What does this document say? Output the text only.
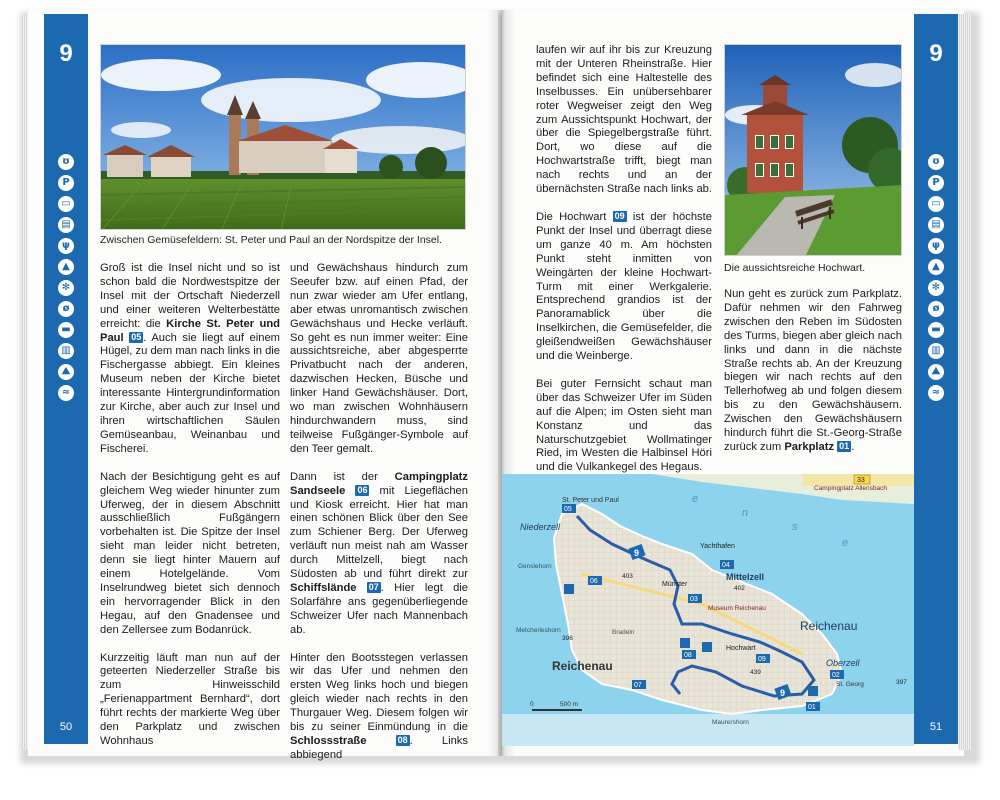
9
ʊ
P
▭
▤
ψ
▲
✻
ø
▬
▥
⛰
≈
50
9
ʊ
P
▭
▤
ψ
▲
✻
ø
▬
▥
⛰
≈
51
Zwischen Gemüsefeldern: St. Peter und Paul an der Nordspitze der Insel.

Groß ist die Insel nicht und so ist schon bald die Nordwestspitze der Insel mit der Ortschaft Niederzell und einer weiteren Welterbestätte erreicht: die Kirche St. Peter und Paul 05 . Auch sie liegt auf einem Hügel, zu dem man nach links in die Fischergasse abbiegt. Ein kleines Museum neben der Kirche bietet interessante Hintergrundinformation zur Kirche, aber auch zur Insel und ihren wirtschaftlichen Säulen Gemüseanbau, Weinanbau und Fischerei.

Nach der Besichtigung geht es auf gleichem Weg wieder hinunter zum Uferweg, der in diesem Abschnitt ausschließlich Fußgängern vorbehalten ist. Die Spitze der Insel sieht man leider nicht betreten, denn sie liegt hinter Mauern auf einem Hotelgelände. Vom Inselrundweg bietet sich dennoch ein hervorragender Blick in den Hegau, auf den Gnadensee und den Zellersee zum Bodanrück.

Kurzzeitig läuft man nun auf der geteerten Niederzeller Straße bis zum Hinweisschild „Ferienappartment Bernhard“, dort führt rechts der markierte Weg über den Parkplatz und zwischen Wohnhaus

und Gewächshaus hindurch zum Seeufer bzw. auf einen Pfad, der nun zwar wieder am Ufer entlang, aber etwas unromantisch zwischen Gewächshaus und Hecke verläuft. So geht es nun immer weiter: Eine aussichtsreiche, aber abgesperrte Privatbucht nach der anderen, dazwischen Hecken, Büsche und linker Hand Gewächshäuser. Dort, wo man zwischen Wohnhäusern hindurchwandern muss, sind teilweise Fußgänger-Symbole auf den Teer gemalt.

Dann ist der Campingplatz Sandseele 06 mit Liegeflächen und Kiosk erreicht. Hier hat man einen schönen Blick über den See zum Schiener Berg. Der Uferweg verläuft nun meist nah am Wasser durch Mittelzell, biegt nach Südosten ab und führt direkt zur Schiffslände 07 . Hier legt die Solarfähre ans gegenüberliegende Schweizer Ufer nach Mannenbach ab.

Hinter den Bootsstegen verlassen wir das Ufer und nehmen den ersten Weg links hoch und biegen gleich wieder nach rechts in den Thurgauer Weg. Diesem folgen wir bis zu seiner Einmündung in die Schlossstraße	08 . Links abbiegend

laufen wir auf ihr bis zur Kreuzung mit der Unteren Rheinstraße. Hier befindet sich eine Haltestelle des Inselbusses. Ein unübersehbarer roter Wegweiser zeigt den Weg zum Aussichtspunkt Hochwart, der über die Spiegelbergstraße führt. Dort, wo diese auf die Hochwartstraße trifft, biegt man nach rechts und an der übernächsten Straße nach links ab.

Die Hochwart 09 ist der höchste Punkt der Insel und überragt diese um ganze 40 m. Am höchsten Punkt steht inmitten von Weingärten der kleine Hochwart-Turm mit einer Werkgalerie. Entsprechend grandios ist der Panoramablick über die Inselkirchen, die Gemüsefelder, die gleißendweißen Gewächshäuser und die Weinberge.

Bei guter Fernsicht schaut man über das Schweizer Ufer im Süden auf die Alpen; im Osten sieht man Konstanz und das Naturschutzgebiet Wollmatinger Ried, im Westen die Halbinsel Höri und die Vulkankegel des Hegaus.

Die aussichtsreiche Hochwart.

Nun geht es zurück zum Parkplatz. Dafür nehmen wir den Fahrweg zwischen den Reben im Südosten des Turms, biegen aber gleich nach links und dann in die nächste Straße rechts ab. An der Kreuzung biegen wir nach rechts auf den Tellerhofweg ab und folgen diesem bis zu den Gewächshäusern. Zwischen den Gewächshäusern hindurch führt die St.-Georg-Straße zurück zum Parkplatz 01 .

St. Peter und Paul
Niederzell
Genslehorn
Yachthafen
Münster
Mittelzell
Museum Reichenau
Reichenau
Reichenau	Oberzell
St. Georg
Hochwart
Bradeln
Metcherleshorn
Maurershorn
Campingplatz Allensbach
33
403
402
439
396
397
e
n
s
e
05
06
04
03
08
07
09
02
01
9
9
0	500 m
